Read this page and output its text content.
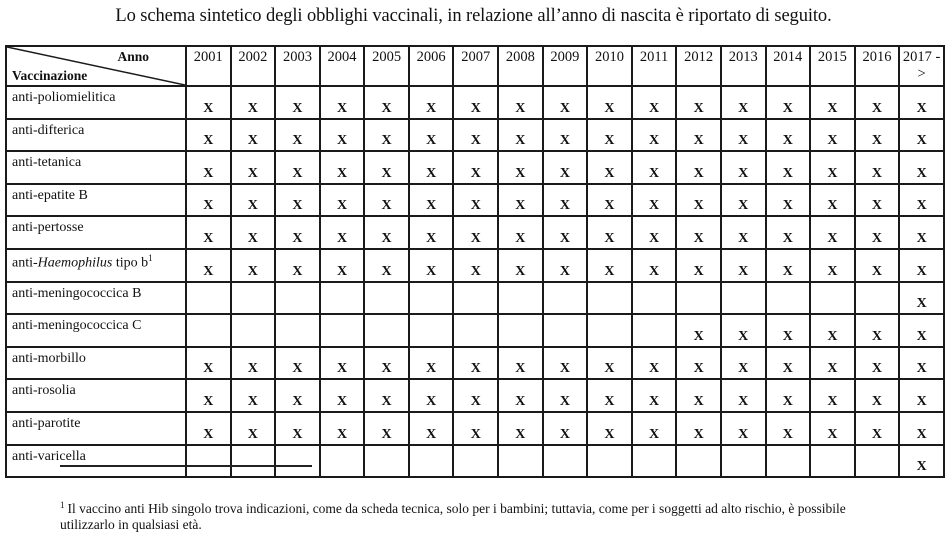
Lo schema sintetico degli obblighi vaccinali, in relazione all’anno di nascita è riportato di seguito.
Anno
Vaccinazione	2001	2002	2003	2004	2005	2006	2007	2008	2009	2010	2011	2012	2013	2014	2015	2016	2017 ->
anti-poliomielitica	X	X	X	X	X	X	X	X	X	X	X	X	X	X	X	X	X
anti-difterica	X	X	X	X	X	X	X	X	X	X	X	X	X	X	X	X	X
anti-tetanica	X	X	X	X	X	X	X	X	X	X	X	X	X	X	X	X	X
anti-epatite B	X	X	X	X	X	X	X	X	X	X	X	X	X	X	X	X	X
anti-pertosse	X	X	X	X	X	X	X	X	X	X	X	X	X	X	X	X	X
anti-Haemophilus tipo $b^1$	X	X	X	X	X	X	X	X	X	X	X	X	X	X	X	X	X
anti-meningococcica B																	X
anti-meningococcica C												X	X	X	X	X	X
anti-morbillo	X	X	X	X	X	X	X	X	X	X	X	X	X	X	X	X	X
anti-rosolia	X	X	X	X	X	X	X	X	X	X	X	X	X	X	X	X	X
anti-parotite	X	X	X	X	X	X	X	X	X	X	X	X	X	X	X	X	X
anti-varicella																	X
$^1$ Il vaccino anti Hib singolo trova indicazioni, come da scheda tecnica, solo per i bambini; tuttavia, come per i soggetti ad alto rischio, è possibile utilizzarlo in qualsiasi età.
